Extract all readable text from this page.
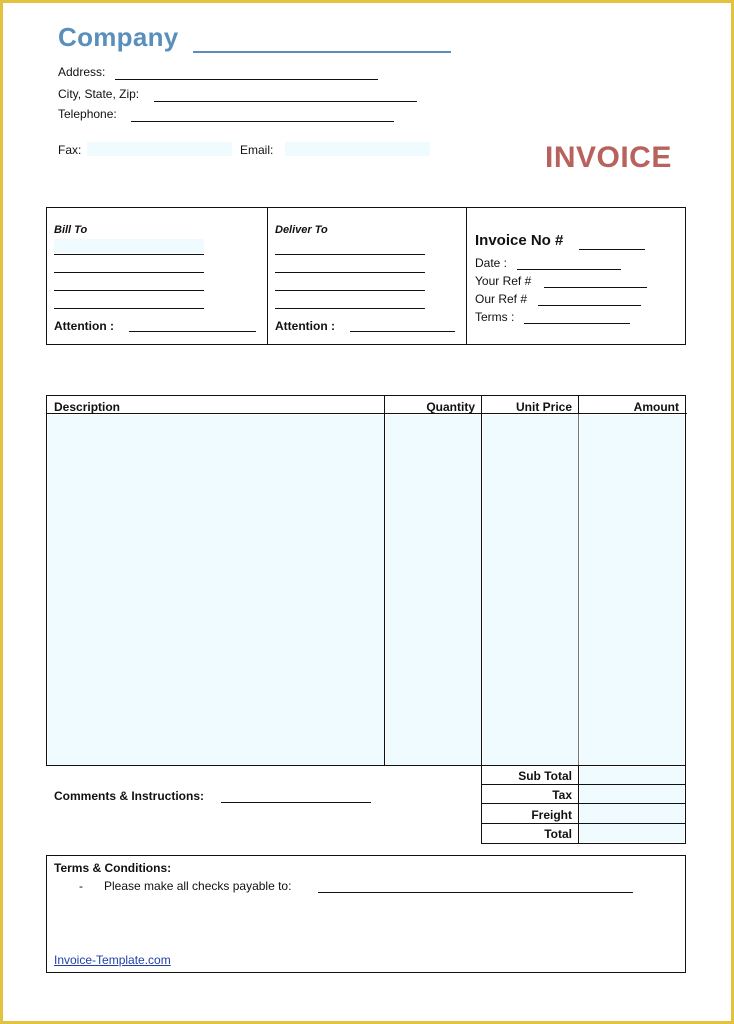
Company
Address:
City, State, Zip:
Telephone:
Fax:	Email:	INVOICE
Bill To
Attention :
Deliver To
Attention :
Invoice No #
Date :
Your Ref #
Our Ref #
Terms :
Description	Quantity	Unit Price	Amount
Sub Total
Tax
Freight
Total
Comments & Instructions:
Terms & Conditions:
- Please make all checks payable to:
Invoice-Template.com
